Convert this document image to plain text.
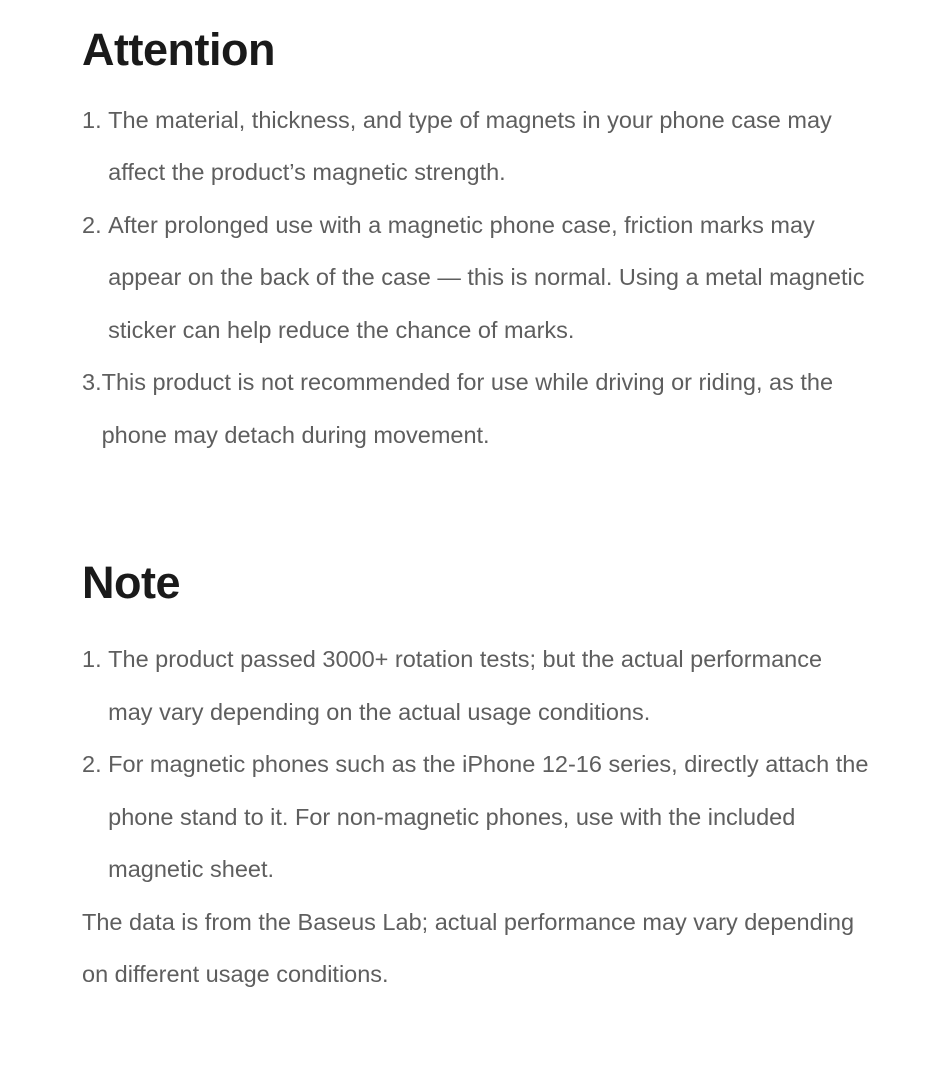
Attention
1. The material, thickness, and type of magnets in your phone case may affect the product’s magnetic strength.
2. After prolonged use with a magnetic phone case, friction marks may appear on the back of the case — this is normal. Using a metal magnetic sticker can help reduce the chance of marks.
3. This product is not recommended for use while driving or riding, as the phone may detach during movement.
Note
1. The product passed 3000+ rotation tests; but the actual performance may vary depending on the actual usage conditions.
2. For magnetic phones such as the iPhone 12-16 series, directly attach the phone stand to it. For non-magnetic phones, use with the included magnetic sheet.

The data is from the Baseus Lab; actual performance may vary depending on different usage conditions.
